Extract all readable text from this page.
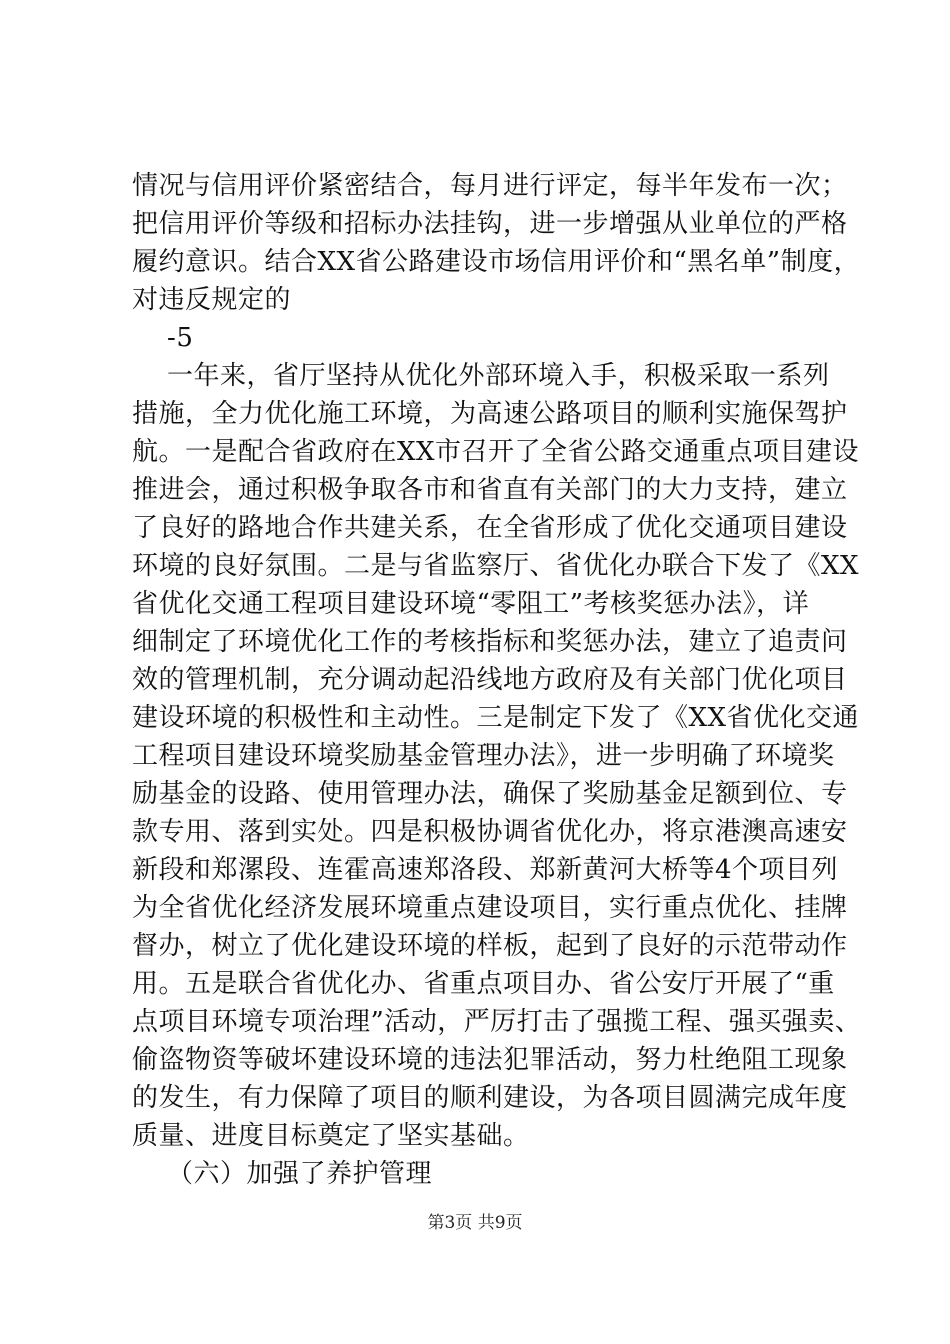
情况与信用评价紧密结合，每月进行评定，每半年发布一次；
把信用评价等级和招标办法挂钩，进一步增强从业单位的严格
履约意识。结合XX省公路建设市场信用评价和“黑名单”制度，
对违反规定的
-5
一年来，省厅坚持从优化外部环境入手，积极采取一系列
措施，全力优化施工环境，为高速公路项目的顺利实施保驾护
航。一是配合省政府在XX市召开了全省公路交通重点项目建设
推进会，通过积极争取各市和省直有关部门的大力支持，建立
了良好的路地合作共建关系，在全省形成了优化交通项目建设
环境的良好氛围。二是与省监察厅、省优化办联合下发了《XX
省优化交通工程项目建设环境“零阻工”考核奖惩办法》，详
细制定了环境优化工作的考核指标和奖惩办法，建立了追责问
效的管理机制，充分调动起沿线地方政府及有关部门优化项目
建设环境的积极性和主动性。三是制定下发了《XX省优化交通
工程项目建设环境奖励基金管理办法》，进一步明确了环境奖
励基金的设路、使用管理办法，确保了奖励基金足额到位、专
款专用、落到实处。四是积极协调省优化办，将京港澳高速安
新段和郑漯段、连霍高速郑洛段、郑新黄河大桥等4个项目列
为全省优化经济发展环境重点建设项目，实行重点优化、挂牌
督办，树立了优化建设环境的样板，起到了良好的示范带动作
用。五是联合省优化办、省重点项目办、省公安厅开展了“重
点项目环境专项治理”活动，严厉打击了强揽工程、强买强卖、
偷盗物资等破坏建设环境的违法犯罪活动，努力杜绝阻工现象
的发生，有力保障了项目的顺利建设，为各项目圆满完成年度
质量、进度目标奠定了坚实基础。
（六）加强了养护管理
第3页 共9页
